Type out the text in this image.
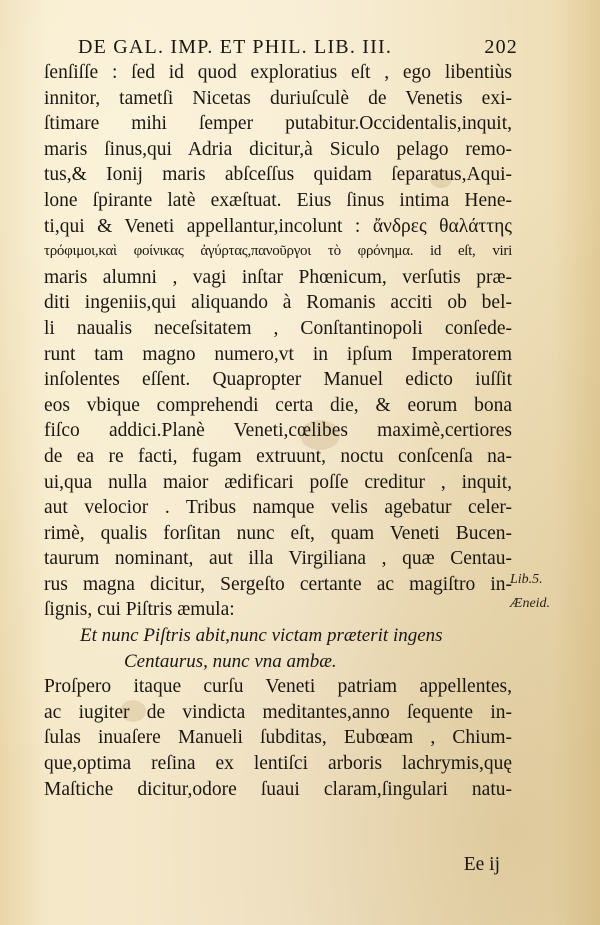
DE GAL. IMP. ET PHIL. LIB. III.	202
ſenſiſſe : ſed id quod exploratius eſt , ego libentiùs
innitor, tametſi Nicetas duriuſculè de Venetis exi-
ſtimare mihi ſemper putabitur.Occidentalis,inquit,
maris ſinus,qui Adria dicitur,à Siculo pelago remo-
tus,& Ionij maris abſceſſus quidam ſeparatus,Aqui-
lone ſpirante latè exæſtuat. Eius ſinus intima Hene-
ti,qui & Veneti appellantur,incolunt : ἄνδρες θαλάττης
τρόφιμοι,καὶ φοίνικας ἀγύρτας,πανοῦργοι τὸ φρόνημα. id eſt, viri
maris alumni , vagi inſtar Phœnicum, verſutis præ-
diti ingeniis,qui aliquando à Romanis acciti ob bel-
li naualis neceſsitatem , Conſtantinopoli conſede-
runt tam magno numero,vt in ipſum Imperatorem
inſolentes eſſent. Quapropter Manuel edicto iuſſit
eos vbique comprehendi certa die, & eorum bona
fiſco addici.Planè Veneti,cœlibes maximè,certiores
de ea re facti, fugam extruunt, noctu conſcenſa na-
ui,qua nulla maior ædificari poſſe creditur , inquit,
aut velocior . Tribus namque velis agebatur celer-
rimè, qualis forſitan nunc eſt, quam Veneti Bucen-
taurum nominant, aut illa Virgiliana , quæ Centau-
rus magna dicitur, Sergeſto certante ac magiſtro in-
ſignis, cui Piſtris æmula:
Et nunc Piſtris abit,nunc victam præterit ingens
Centaurus, nunc vna ambæ.
Proſpero itaque curſu Veneti patriam appellentes,
ac iugiter de vindicta meditantes,anno ſequente in-
ſulas inuaſere Manueli ſubditas, Eubœam , Chium-
que,optima reſina ex lentiſci arboris lachrymis,quę
Maſtiche dicitur,odore ſuaui claram,ſingulari natu-
Lib.5.
Æneid.
Ee ij
